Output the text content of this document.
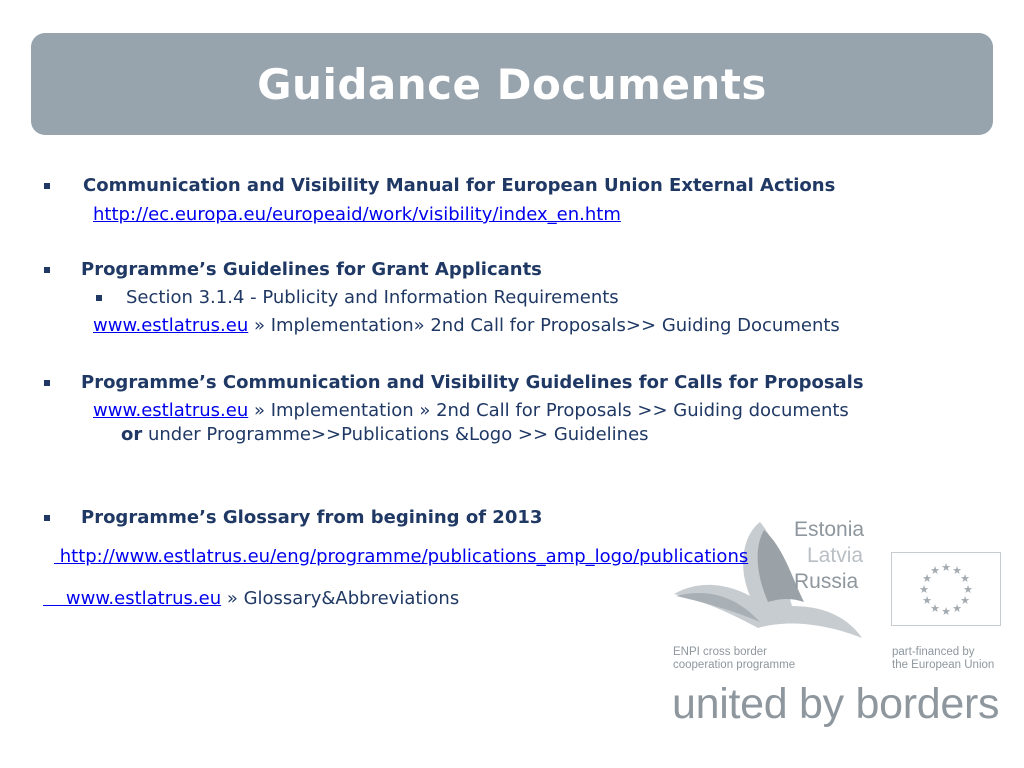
Guidance Documents
Communication and Visibility Manual for European Union External Actions
http://ec.europa.eu/europeaid/work/visibility/index_en.htm
Programme’s Guidelines for Grant Applicants
Section 3.1.4 - Publicity and Information Requirements
www.estlatrus.eu » Implementation» 2nd Call for Proposals>> Guiding Documents
Programme’s Communication and Visibility Guidelines for Calls for Proposals
www.estlatrus.eu » Implementation » 2nd Call for Proposals >> Guiding documents
or under Programme>>Publications &Logo >> Guidelines
Programme’s Glossary from begining of 2013
Estonia
Latvia
Russia
http://www.estlatrus.eu/eng/programme/publications_amp_logo/publications
www.estlatrus.eu » Glossary&Abbreviations
ENPI cross border
cooperation programme
★ ★
★
★
★
★
★
★
★
★
★
★
part-financed by
the European Union
united by borders
